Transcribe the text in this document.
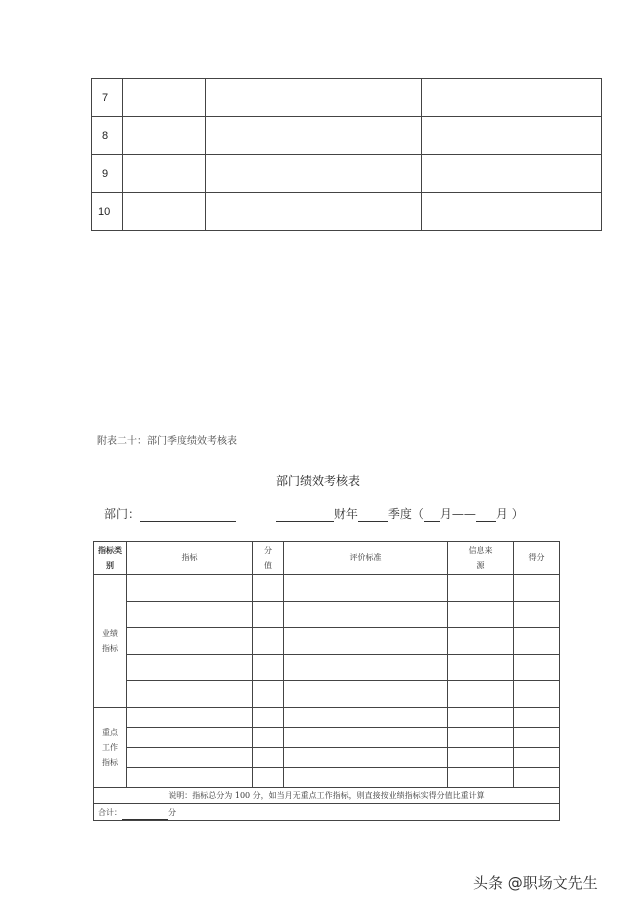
7			
8			
9			
10			
附表二十：部门季度绩效考核表
部门绩效考核表
部门：	财年	季度（ 月—— 月 ）
指标类别	指标	分值	评价标准	信息来源	得分
业绩指标					

重点工作指标					

说明：指标总分为 100 分，如当月无重点工作指标，则直接按业绩指标实得分值比重计算					
合计： 分					
头条 @职场文先生
